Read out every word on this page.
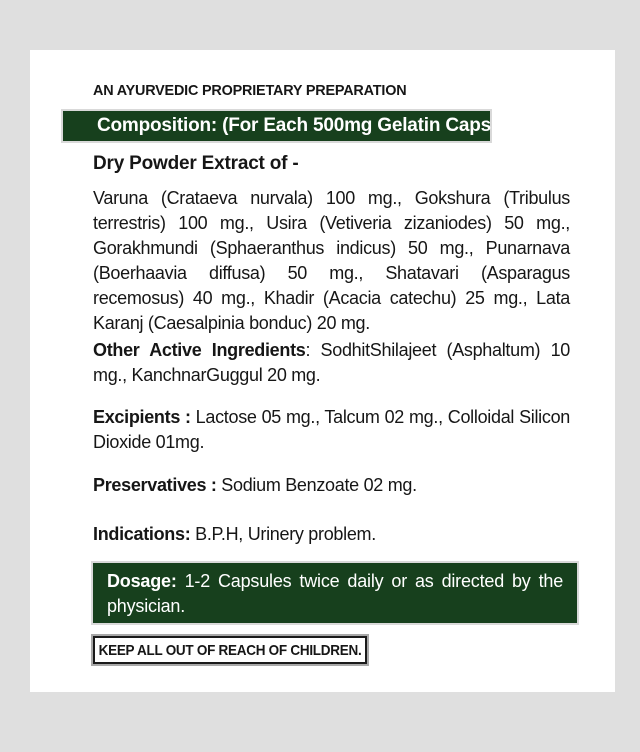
AN AYURVEDIC PROPRIETARY PREPARATION
Composition: (For Each 500mg Gelatin Capsule)
Dry Powder Extract of -

Varuna (Crataeva nurvala) 100 mg., Gokshura (Tribulus terrestris) 100 mg., Usira (Vetiveria zizaniodes) 50 mg., Gorakhmundi (Sphaeranthus indicus) 50 mg., Punarnava (Boerhaavia diffusa) 50 mg., Shatavari (Asparagus recemosus) 40 mg., Khadir (Acacia catechu) 25 mg., Lata Karanj (Caesalpinia bonduc) 20 mg.

Other Active Ingredients: SodhitShilajeet (Asphaltum) 10 mg., KanchnarGuggul 20 mg.

Excipients : Lactose 05 mg., Talcum 02 mg., Colloidal Silicon Dioxide 01mg.

Preservatives : Sodium Benzoate 02 mg.

Indications: B.P.H, Urinery problem.

Dosage: 1-2 Capsules twice daily or as directed by the physician.
KEEP ALL OUT OF REACH OF CHILDREN.
